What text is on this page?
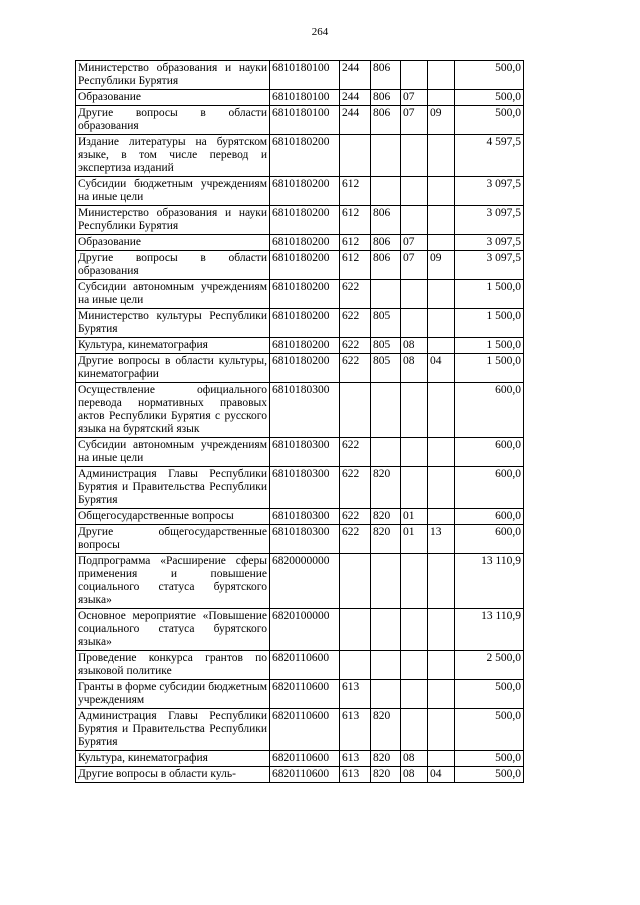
264
Министерство образования и науки Республики Бурятия	6810180100	244	806			500,0
Образование	6810180100	244	806	07		500,0
Другие вопросы в области образования	6810180100	244	806	07	09	500,0
Издание литературы на бурятском языке, в том числе перевод и экспертиза изданий	6810180200					4 597,5
Субсидии бюджетным учреждениям на иные цели	6810180200	612				3 097,5
Министерство образования и науки Республики Бурятия	6810180200	612	806			3 097,5
Образование	6810180200	612	806	07		3 097,5
Другие вопросы в области образования	6810180200	612	806	07	09	3 097,5
Субсидии автономным учреждениям на иные цели	6810180200	622				1 500,0
Министерство культуры Республики Бурятия	6810180200	622	805			1 500,0
Культура, кинематография	6810180200	622	805	08		1 500,0
Другие вопросы в области культуры, кинематографии	6810180200	622	805	08	04	1 500,0
Осуществление официального перевода нормативных правовых актов Республики Бурятия с русского языка на бурятский язык	6810180300					600,0
Субсидии автономным учреждениям на иные цели	6810180300	622				600,0
Администрация Главы Республики Бурятия и Правительства Республики Бурятия	6810180300	622	820			600,0
Общегосударственные вопросы	6810180300	622	820	01		600,0
Другие общегосударственные вопросы	6810180300	622	820	01	13	600,0
Подпрограмма «Расширение сферы применения и повышение социального статуса бурятского языка»	6820000000					13 110,9
Основное мероприятие «Повышение социального статуса бурятского языка»	6820100000					13 110,9
Проведение конкурса грантов по языковой политике	6820110600					2 500,0
Гранты в форме субсидии бюджетным учреждениям	6820110600	613				500,0
Администрация Главы Республики Бурятия и Правительства Республики Бурятия	6820110600	613	820			500,0
Культура, кинематография	6820110600	613	820	08		500,0
Другие вопросы в области куль-	6820110600	613	820	08	04	500,0
